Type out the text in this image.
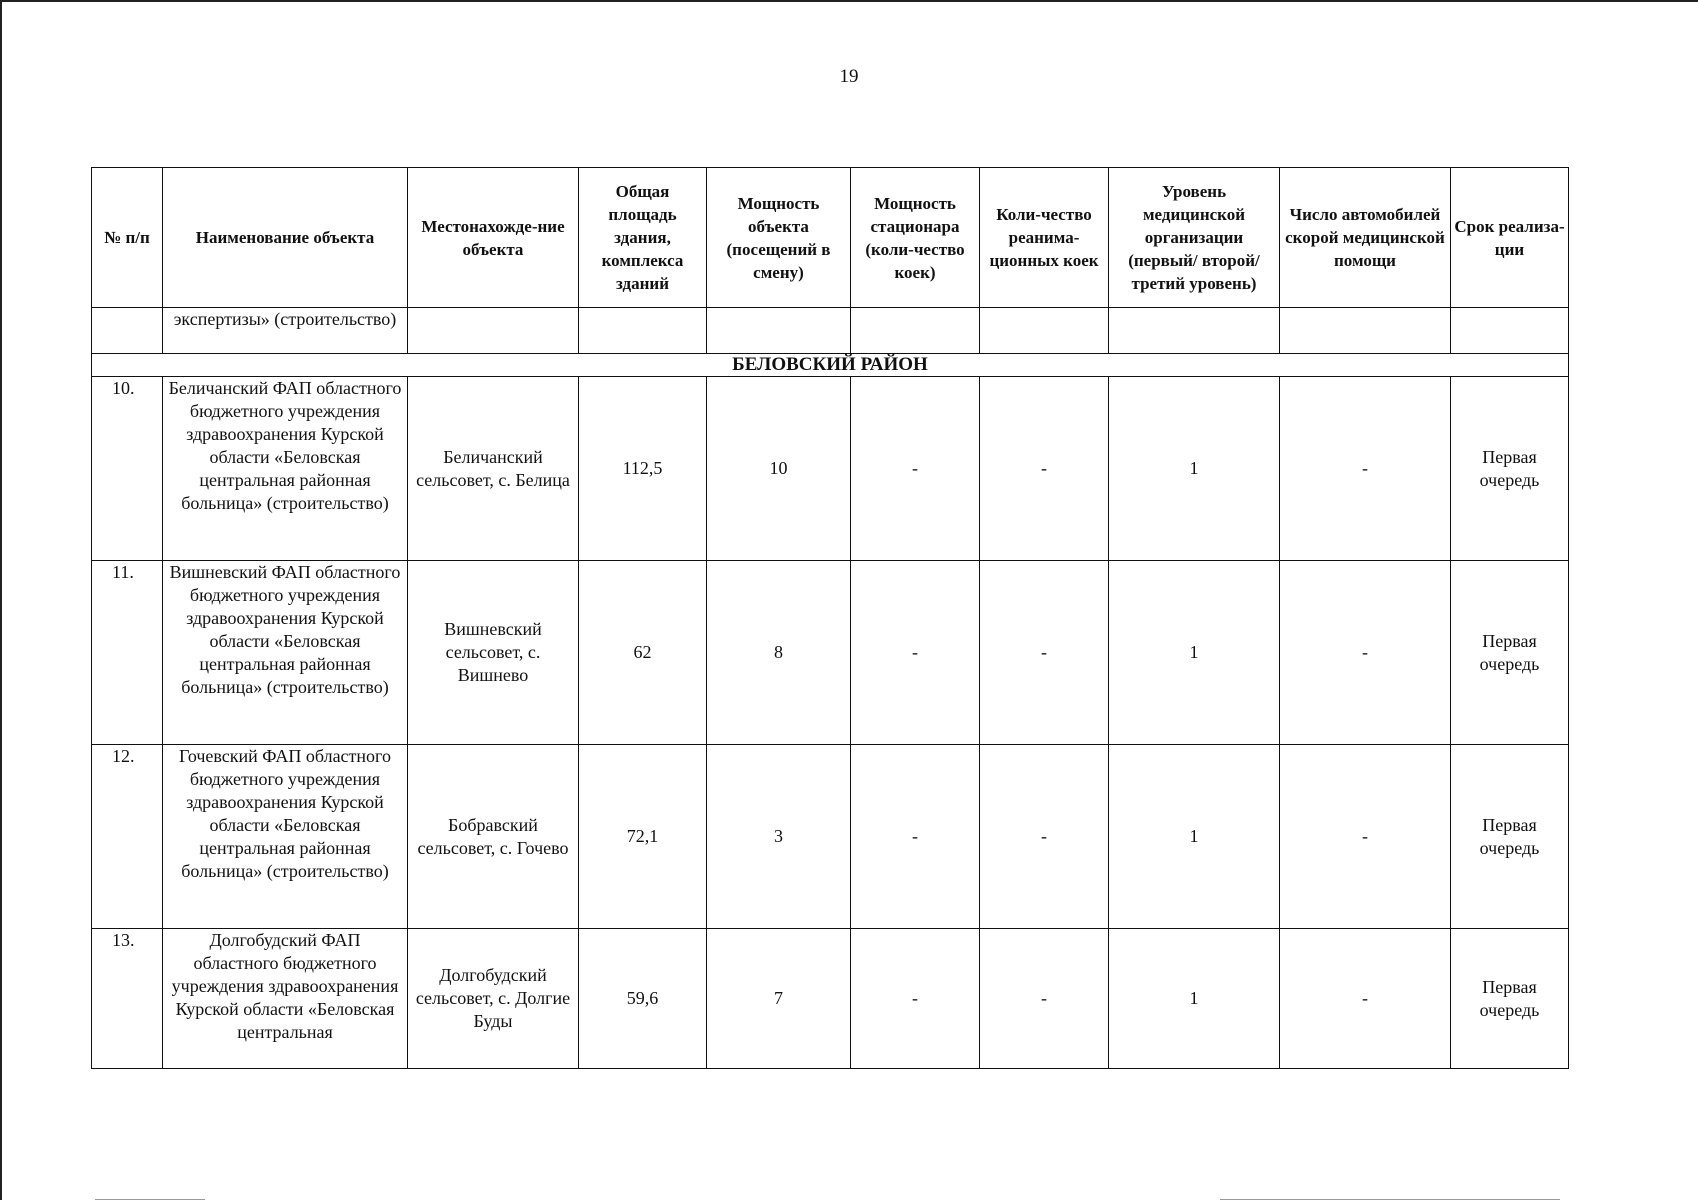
19
№ п/п	Наименование объекта	Местонахожде-ние объекта	Общая площадь здания, комплекса зданий	Мощность объекта (посещений в смену)	Мощность стационара (коли-чество коек)	Коли-чество реанима-ционных коек	Уровень медицинской организации (первый/ второй/ третий уровень)	Число автомобилей скорой медицинской помощи	Срок реализа-ции
	экспертизы» (строительство)								
БЕЛОВСКИЙ РАЙОН									
10.	Беличанский ФАП областного бюджетного учреждения здравоохранения Курской области «Беловская центральная районная больница» (строительство)	Беличанский сельсовет, с. Белица	112,5	10	-	-	1	-	Первая очередь
11.	Вишневский ФАП областного бюджетного учреждения здравоохранения Курской области «Беловская центральная районная больница» (строительство)	Вишневский сельсовет, с. Вишнево	62	8	-	-	1	-	Первая очередь
12.	Гочевский ФАП областного бюджетного учреждения здравоохранения Курской области «Беловская центральная районная больница» (строительство)	Бобравский сельсовет, с. Гочево	72,1	3	-	-	1	-	Первая очередь
13.	Долгобудский ФАП областного бюджетного учреждения здравоохранения Курской области «Беловская центральная	Долгобудский сельсовет, с. Долгие Буды	59,6	7	-	-	1	-	Первая очередь
